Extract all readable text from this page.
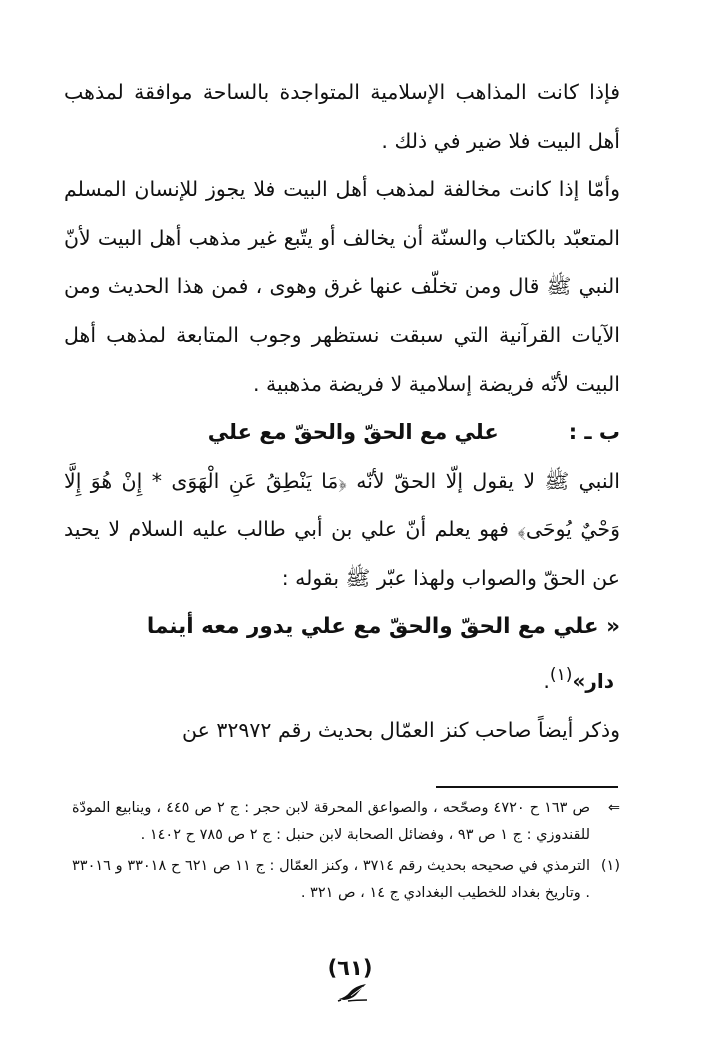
فإذا كانت المذاهب الإسلامية المتواجدة بالساحة موافقة لمذهب أهل البيت فلا ضير في ذلك .

وأمّا إذا كانت مخالفة لمذهب أهل البيت فلا يجوز للإنسان المسلم المتعبّد بالكتاب والسنّة أن يخالف أو يتّبع غير مذهب أهل البيت لأنّ النبي ﷺ قال ومن تخلّف عنها غرق وهوى ، فمن هذا الحديث ومن الآيات القرآنية التي سبقت نستظهر وجوب المتابعة لمذهب أهل البيت لأنّه فريضة إسلامية لا فريضة مذهبية .

ب ـ :
علي مع الحقّ والحقّ مع علي

النبي ﷺ لا يقول إلّا الحقّ لأنّه ﴿مَا يَنْطِقُ عَنِ الْهَوَى * إِنْ هُوَ إِلَّا وَحْيٌ يُوحَى﴾ فهو يعلم أنّ علي بن أبي طالب عليه السلام لا يحيد عن الحقّ والصواب ولهذا عبّر ﷺ بقوله :

« علي مع الحقّ والحقّ مع علي يدور معه أينما

دار»$^{(١)}$.

وذكر أيضاً صاحب كنز العمّال بحديث رقم ٣٢٩٧٢ عن

⇐
ص ١٦٣ ح ٤٧٢٠ وصحّحه ، والصواعق المحرقة لابن حجر : ج ٢ ص ٤٤٥ ، وينابيع المودّة للقندوزي : ج ١ ص ٩٣ ، وفضائل الصحابة لابن حنبل : ج ٢ ص ٧٨٥ ح ١٤٠٢ .
(١)
الترمذي في صحيحه بحديث رقم ٣٧١٤ ، وكنز العمّال : ج ١١ ص ٦٢١ ح ٣٣٠١٨ و ٣٣٠١٦ . وتاريخ بغداد للخطيب البغدادي ج ١٤ ، ص ٣٢١ .
(٦١)
